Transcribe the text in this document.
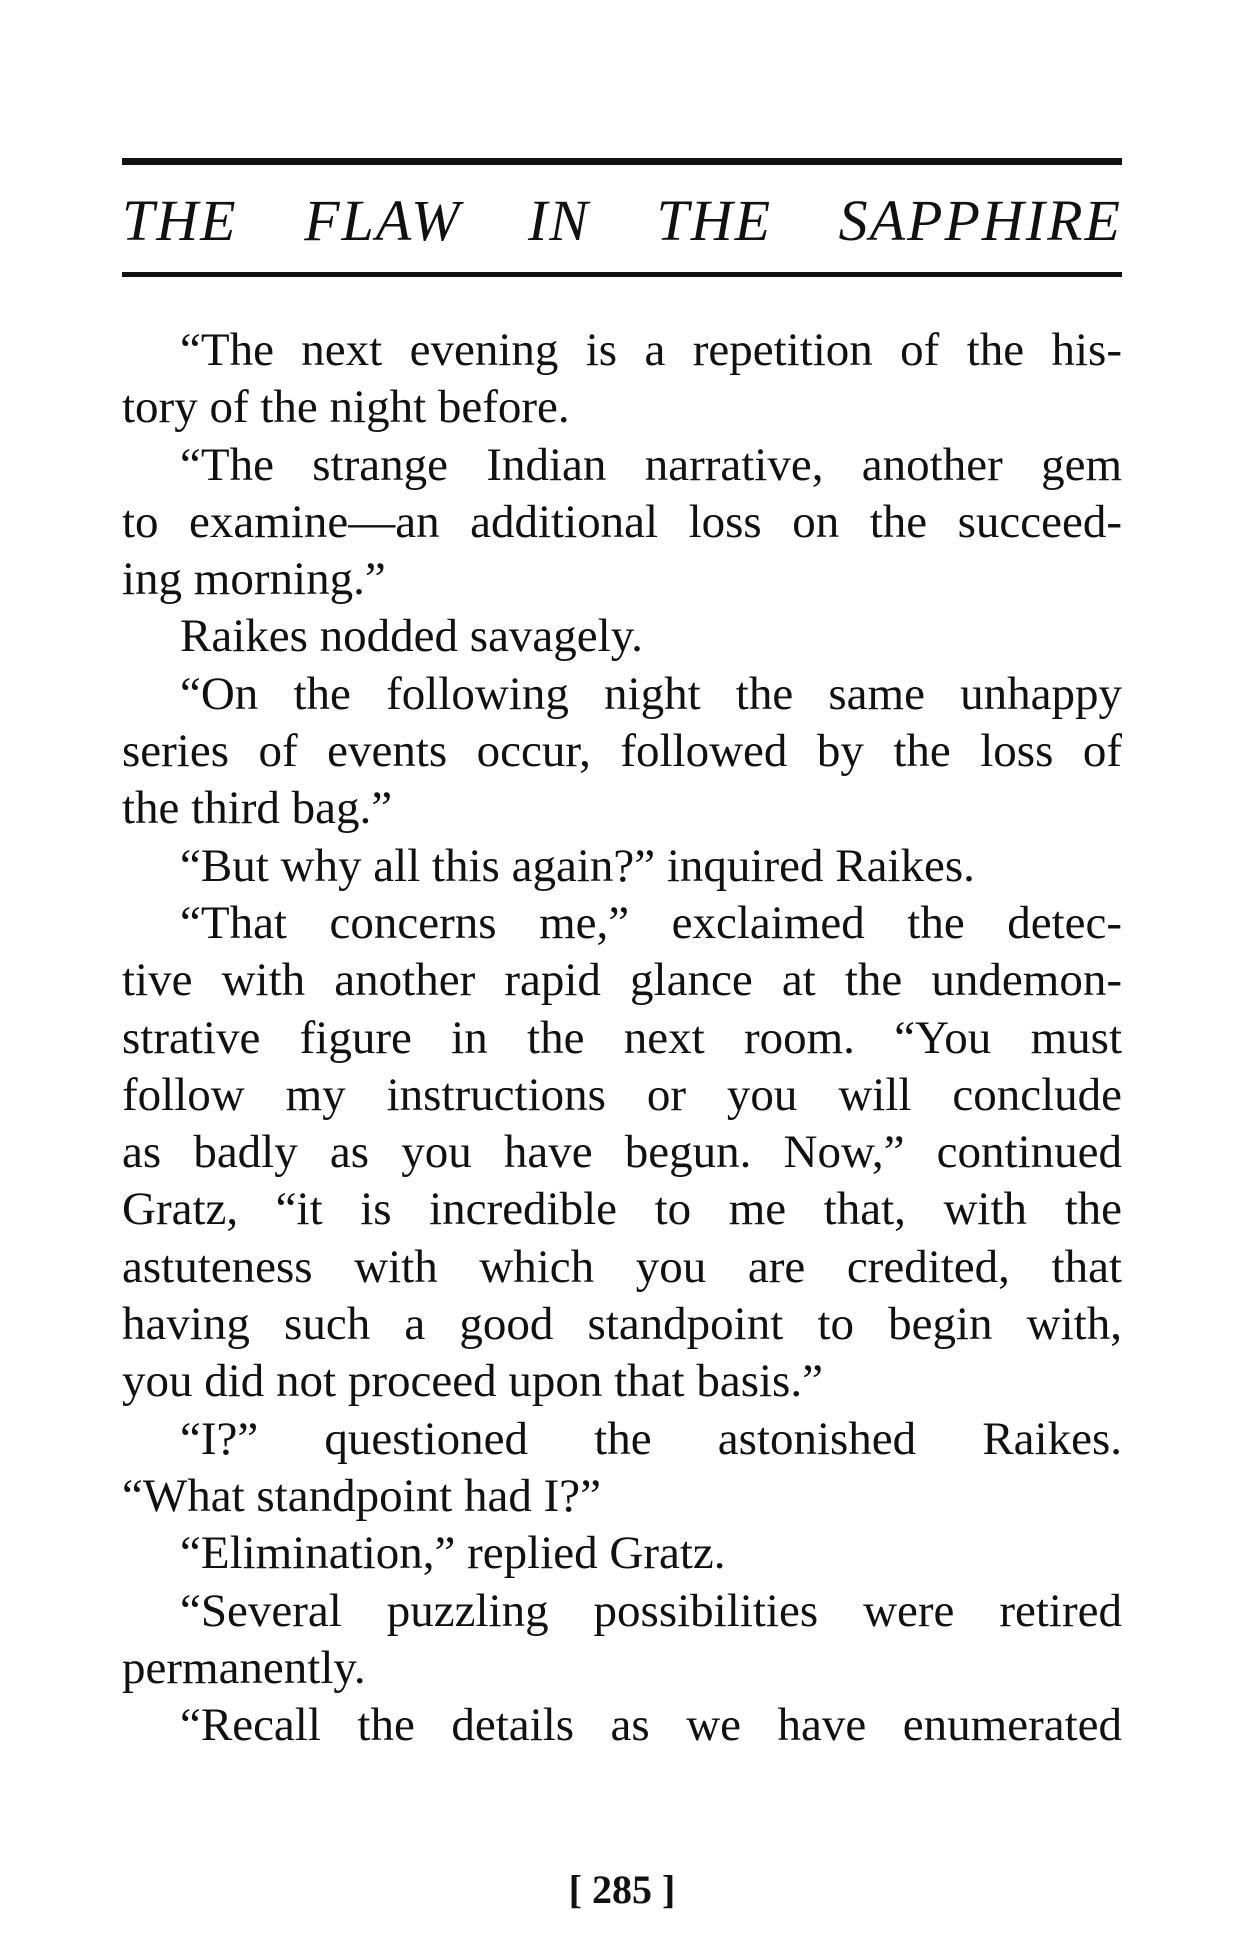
THE FLAW IN THE SAPPHIRE
“The next evening is a repetition of the his-
tory of the night before.
“The strange Indian narrative, another gem
to examine—an additional loss on the succeed-
ing morning.”
Raikes nodded savagely.
“On the following night the same unhappy
series of events occur, followed by the loss of
the third bag.”
“But why all this again?” inquired Raikes.
“That concerns me,” exclaimed the detec-
tive with another rapid glance at the undemon-
strative figure in the next room. “You must
follow my instructions or you will conclude
as badly as you have begun. Now,” continued
Gratz, “it is incredible to me that, with the
astuteness with which you are credited, that
having such a good standpoint to begin with,
you did not proceed upon that basis.”
“I?” questioned the astonished Raikes.
“What standpoint had I?”
“Elimination,” replied Gratz.
“Several puzzling possibilities were retired
permanently.
“Recall the details as we have enumerated
[ 285 ]
